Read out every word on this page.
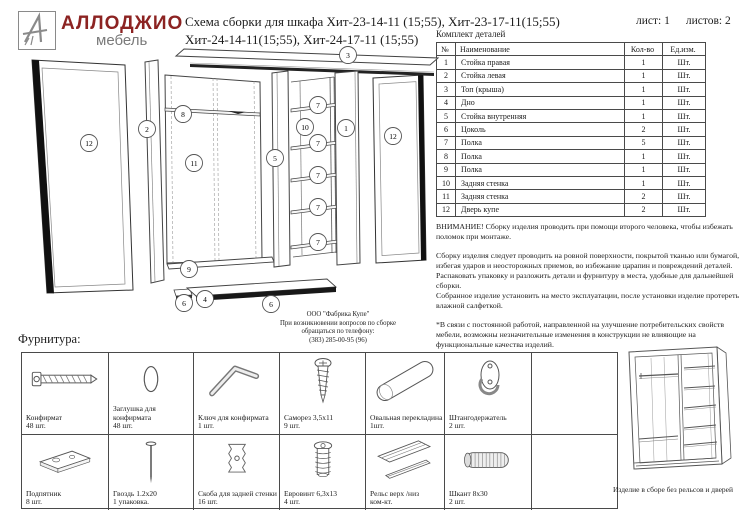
АЛЛОДЖИО
мебель
Схема сборки для шкафа Хит-23-14-11 (15;55), Хит-23-17-11(15;55)
Хит-24-14-11(15;55), Хит-24-17-11 (15;55)
лист: 1 листов: 2
Комплект деталей
№	Наименование	Кол-во	Ед.изм.
1	Стойка правая	1	Шт.
2	Стойка левая	1	Шт.
3	Топ (крыша)	1	Шт.
4	Дно	1	Шт.
5	Стойка внутренняя	1	Шт.
6	Цоколь	2	Шт.
7	Полка	5	Шт.
8	Полка	1	Шт.
9	Полка	1	Шт.
10	Задняя стенка	1	Шт.
11	Задняя стенка	2	Шт.
12	Дверь купе	2	Шт.

ВНИМАНИЕ! Сборку изделия проводить при помощи второго человека, чтобы избежать поломок при монтаже.

Сборку изделия следует проводить на ровной поверхности, покрытой тканью или бумагой, избегая ударов и неосторожных приемов, во избежание царапин и повреждений деталей.

Распаковать упаковку и разложить детали и фурнитуру в места, удобные для дальнейшей сборки.

Собранное изделие установить на место эксплуатации, после установки изделие протереть влажной салфеткой.

*В связи с постоянной работой, направленной на улучшение потребительских свойств мебели, возможны незначительные изменения в конструкции не влияющие на функциональные качества изделий.

ООО "Фабрика Купе"
При возникновении вопросов по сборке
обращаться по телефону:
(383) 285-00-95 (96)
3
12
2
8
11
9
5
10
7
7
7
7
7
1
12
6 4
6
Фурнитура:
Конфирмат
48 шт.
Заглушка для конфирмата
48 шт.
Ключ для конфирмата
1 шт.
Саморез 3,5х11
9 шт.
Овальная перекладина
1шт.
Штангодержатель
2 шт.
Подпятник
8 шт.
Гвоздь 1.2х20
1 упаковка.
Скоба для задней стенки
16 шт.
Евровинт 6,3х13
4 шт.
Рельс верх /низ
ком-кт.
Шкант 8х30
2 шт.
Изделие в сборе без рельсов и дверей
